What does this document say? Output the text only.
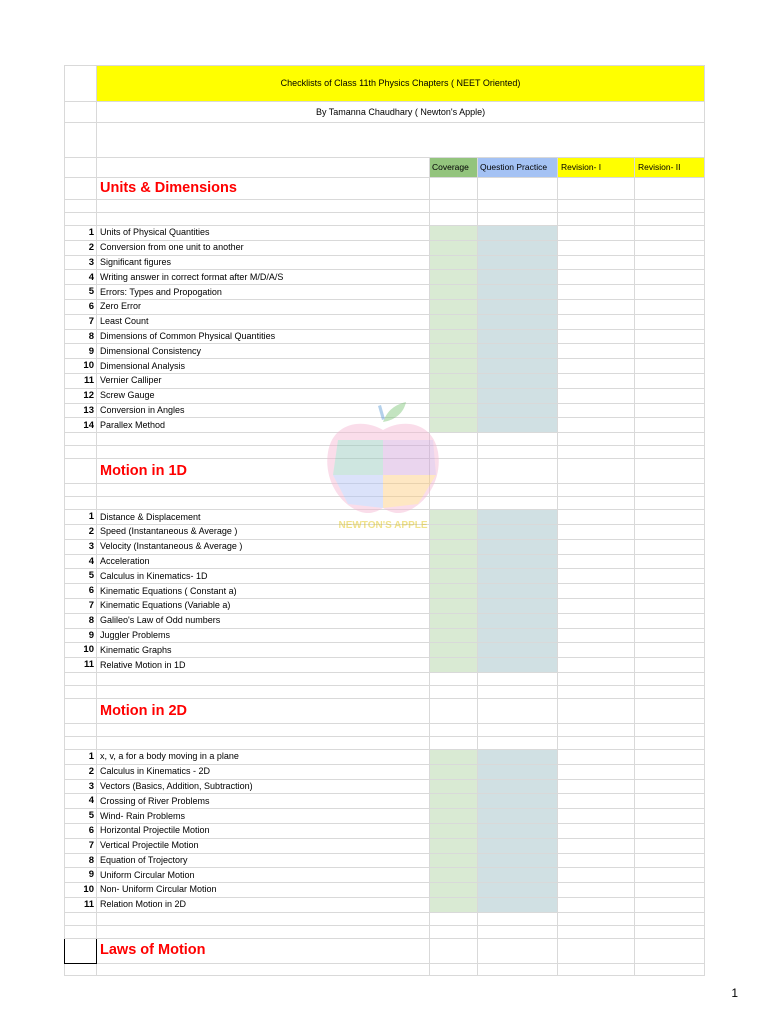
	Checklists of Class 11th Physics Chapters ( NEET Oriented)				
	By Tamanna Chaudhary ( Newton's Apple)				

		Coverage	Question Practice	Revision- I	Revision- II
	Units & Dimensions				

1	Units of Physical Quantities				
2	Conversion from one unit to another				
3	Significant figures				
4	Writing answer in correct format after M/D/A/S				
5	Errors: Types and Propogation				
6	Zero Error				
7	Least Count				
8	Dimensions of Common Physical Quantities				
9	Dimensional Consistency				
10	Dimensional Analysis				
11	Vernier Calliper				
12	Screw Gauge				
13	Conversion in Angles				
14	Parallex Method				

	Motion in 1D				

1	Distance & Displacement				
2	Speed (Instantaneous & Average )				
3	Velocity (Instantaneous & Average )				
4	Acceleration				
5	Calculus in Kinematics- 1D				
6	Kinematic Equations ( Constant a)				
7	Kinematic Equations (Variable a)				
8	Galileo's Law of Odd numbers				
9	Juggler Problems				
10	Kinematic Graphs				
11	Relative Motion in 1D				

	Motion in 2D				

1	x, v, a for a body moving in a plane				
2	Calculus in Kinematics - 2D				
3	Vectors (Basics, Addition, Subtraction)				
4	Crossing of River Problems				
5	Wind- Rain Problems				
6	Horizontal Projectile Motion				
7	Vertical Projectile Motion				
8	Equation of Trojectory				
9	Uniform Circular Motion				
10	Non- Uniform Circular Motion				
11	Relation Motion in 2D				

	Laws of Motion				

NEWTON'S APPLE
1
